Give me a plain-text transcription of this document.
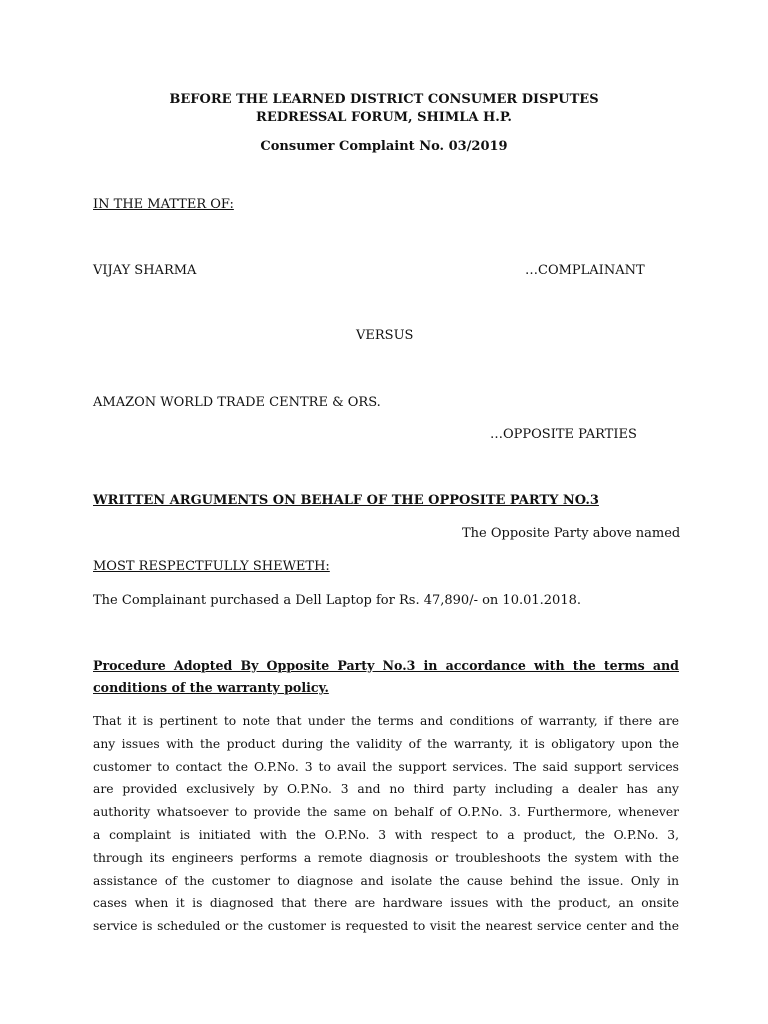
BEFORE THE LEARNED DISTRICT CONSUMER DISPUTES

REDRESSAL FORUM, SHIMLA H.P.

Consumer Complaint No. 03/2019

IN THE MATTER OF:

VIJAY SHARMA	…COMPLAINANT

VERSUS

AMAZON WORLD TRADE CENTRE & ORS.

…OPPOSITE PARTIES

WRITTEN ARGUMENTS ON BEHALF OF THE OPPOSITE PARTY NO.3

The Opposite Party above named

MOST RESPECTFULLY SHEWETH:

The Complainant purchased a Dell Laptop for Rs. 47,890/- on 10.01.2018.

Procedure Adopted By Opposite Party No.3 in accordance with the terms and
conditions of the warranty policy.
That it is pertinent to note that under the terms and conditions of warranty, if there are
any issues with the product during the validity of the warranty, it is obligatory upon the
customer to contact the O.P.No. 3 to avail the support services. The said support services
are provided exclusively by O.P.No. 3 and no third party including a dealer has any
authority whatsoever to provide the same on behalf of O.P.No. 3. Furthermore, whenever
a complaint is initiated with the O.P.No. 3 with respect to a product, the O.P.No. 3,
through its engineers performs a remote diagnosis or troubleshoots the system with the
assistance of the customer to diagnose and isolate the cause behind the issue. Only in
cases when it is diagnosed that there are hardware issues with the product, an onsite
service is scheduled or the customer is requested to visit the nearest service center and the
